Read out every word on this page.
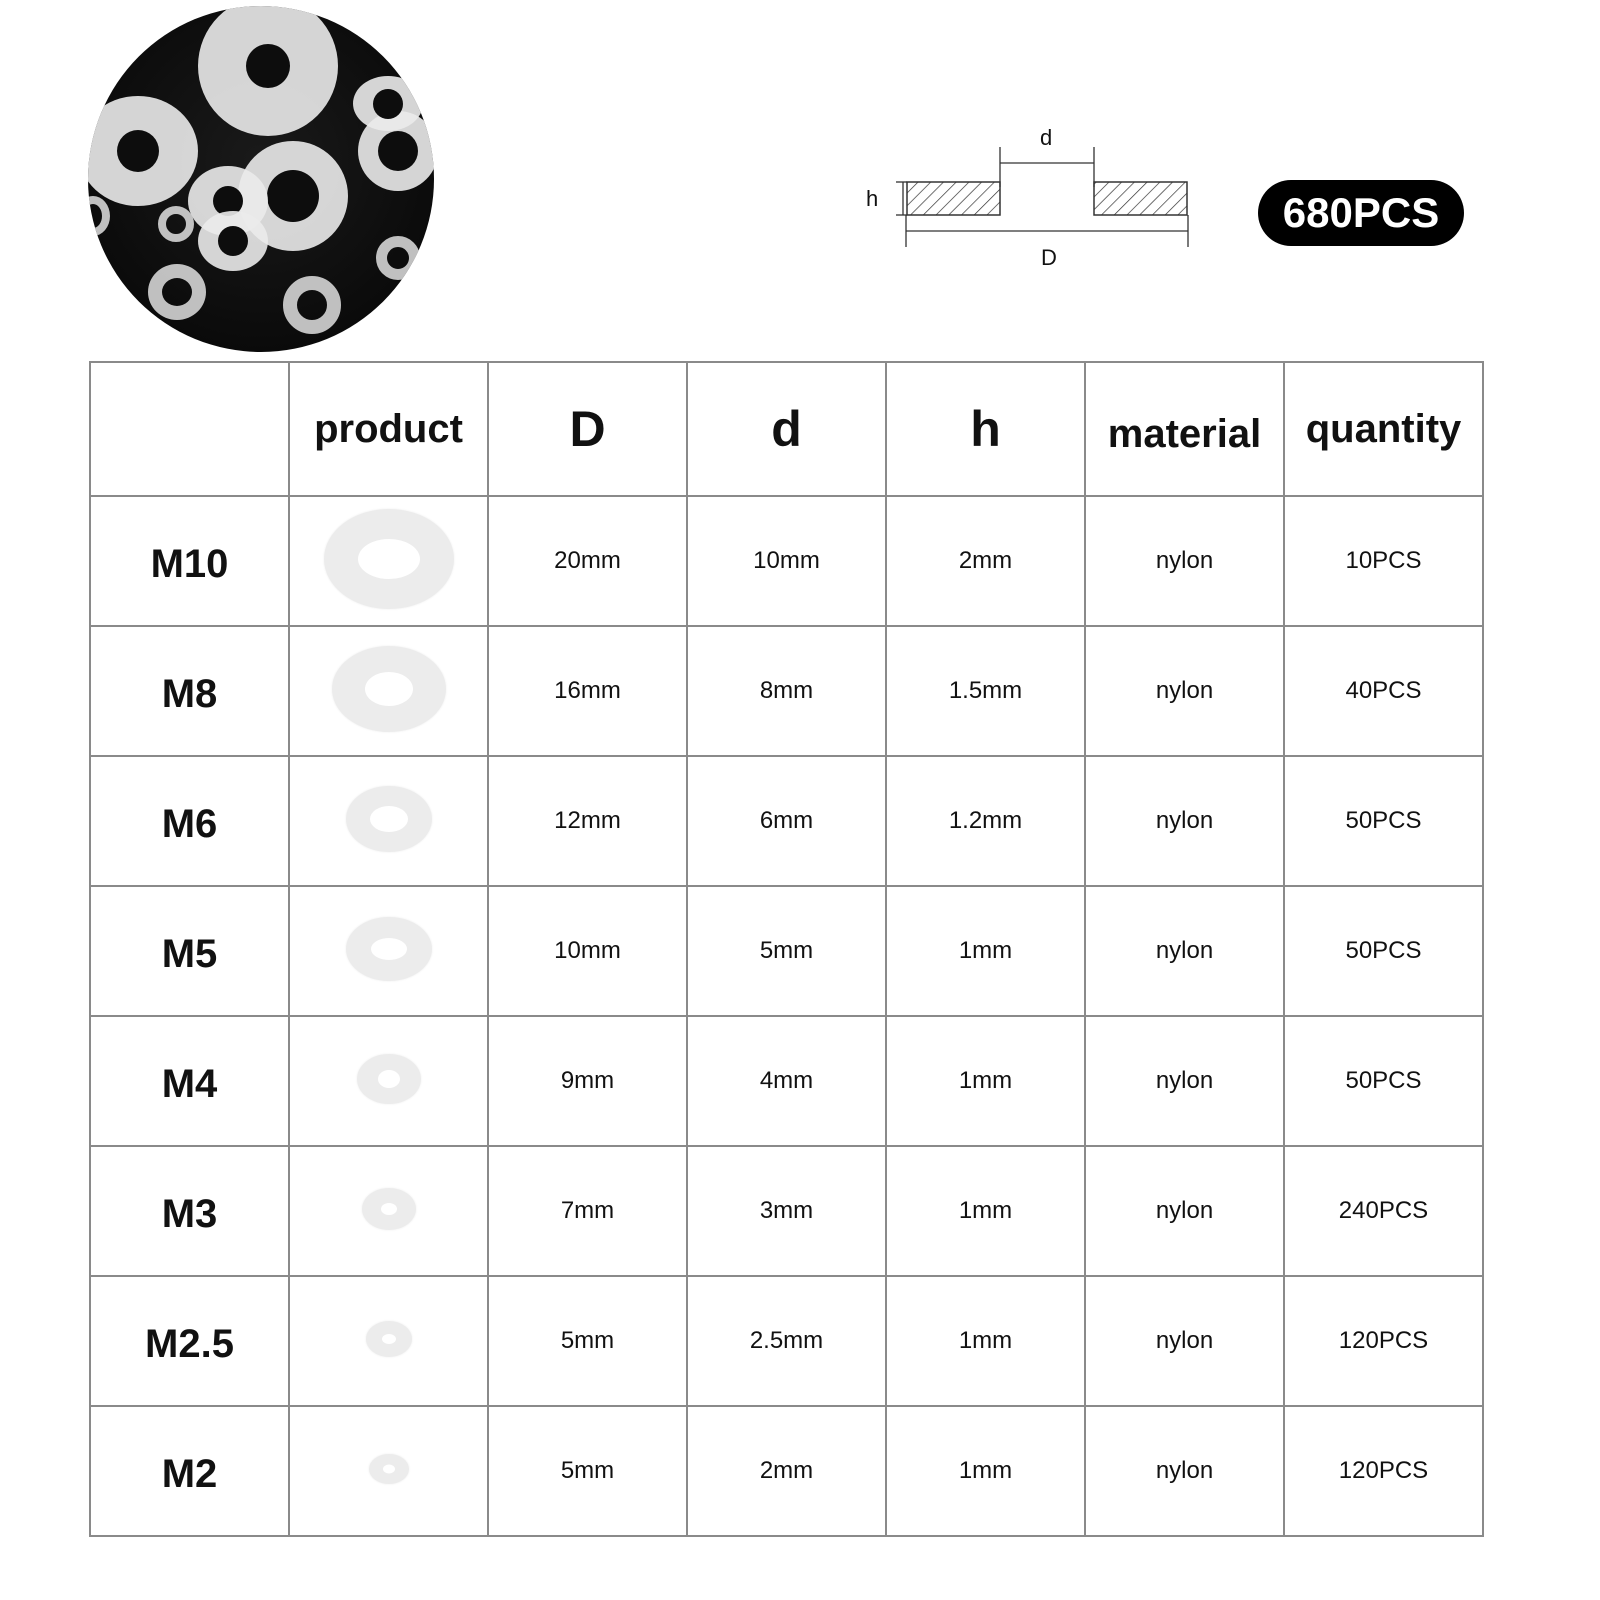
d
h
D
680PCS
	product	D	d	h	material	quantity
M10		20mm	10mm	2mm	nylon	10PCS
M8		16mm	8mm	1.5mm	nylon	40PCS
M6		12mm	6mm	1.2mm	nylon	50PCS
M5		10mm	5mm	1mm	nylon	50PCS
M4		9mm	4mm	1mm	nylon	50PCS
M3		7mm	3mm	1mm	nylon	240PCS
M2.5		5mm	2.5mm	1mm	nylon	120PCS
M2		5mm	2mm	1mm	nylon	120PCS
